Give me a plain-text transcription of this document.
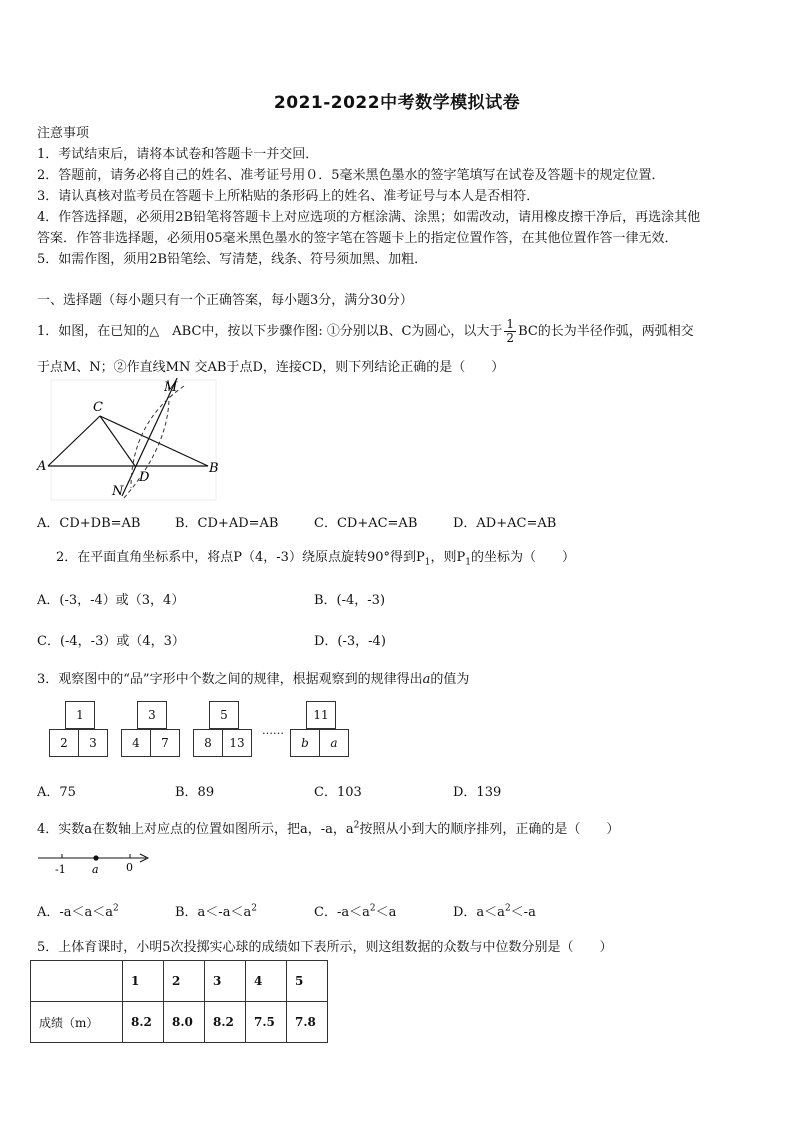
2021-2022中考数学模拟试卷
注意事项
1．考试结束后，请将本试卷和答题卡一并交回．
2．答题前，请务必将自己的姓名、准考证号用０．5毫米黑色墨水的签字笔填写在试卷及答题卡的规定位置．
3．请认真核对监考员在答题卡上所粘贴的条形码上的姓名、准考证号与本人是否相符．
4．作答选择题，必须用2B铅笔将答题卡上对应选项的方框涂满、涂黑；如需改动，请用橡皮擦干净后，再选涂其他
答案．作答非选择题，必须用05毫米黑色墨水的签字笔在答题卡上的指定位置作答，在其他位置作答一律无效．
5．如需作图，须用2B铅笔绘、写清楚，线条、符号须加黑、加粗．
一、选择题（每小题只有一个正确答案，每小题3分，满分30分）
1．如图，在已知的△　ABC中，按以下步骤作图: ①分别以B、C为圆心，以大于 $\frac{1}{2}$ BC的长为半径作弧，两弧相交
于点M、N；②作直线MN 交AB于点D，连接CD，则下列结论正确的是（　　）
M
C
A	B
D
N
A．CD+DB=AB	B．CD+AD=AB	C．CD+AC=AB	D．AD+AC=AB
2．在平面直角坐标系中，将点P（4，-3）绕原点旋转90°得到$P_1$，则$P_1$的坐标为（　　）
A．(-3，-4）或（3，4）	B．(-4，-3)
C．(-4，-3）或（4，3）	D．(-3，-4)
3．观察图中的“品”字形中个数之间的规律，根据观察到的规律得出a的值为
1
2	3
3
4	7
5
8	13
……
11
b	a
A．75	B．89	C．103	D．139
4．实数a在数轴上对应点的位置如图所示，把a，-a，$a^2$按照从小到大的顺序排列，正确的是（　　）
-1 a 0
A．$-a<a<a^2$	B．$a<-a<a^2$	C．$-a<a^2<a$	D．$a<a^2<-a$
5．上体育课时，小明5次投掷实心球的成绩如下表所示，则这组数据的众数与中位数分别是（　　）
	1	2	3	4	5
成绩（m）	8.2	8.0	8.2	7.5	7.8
